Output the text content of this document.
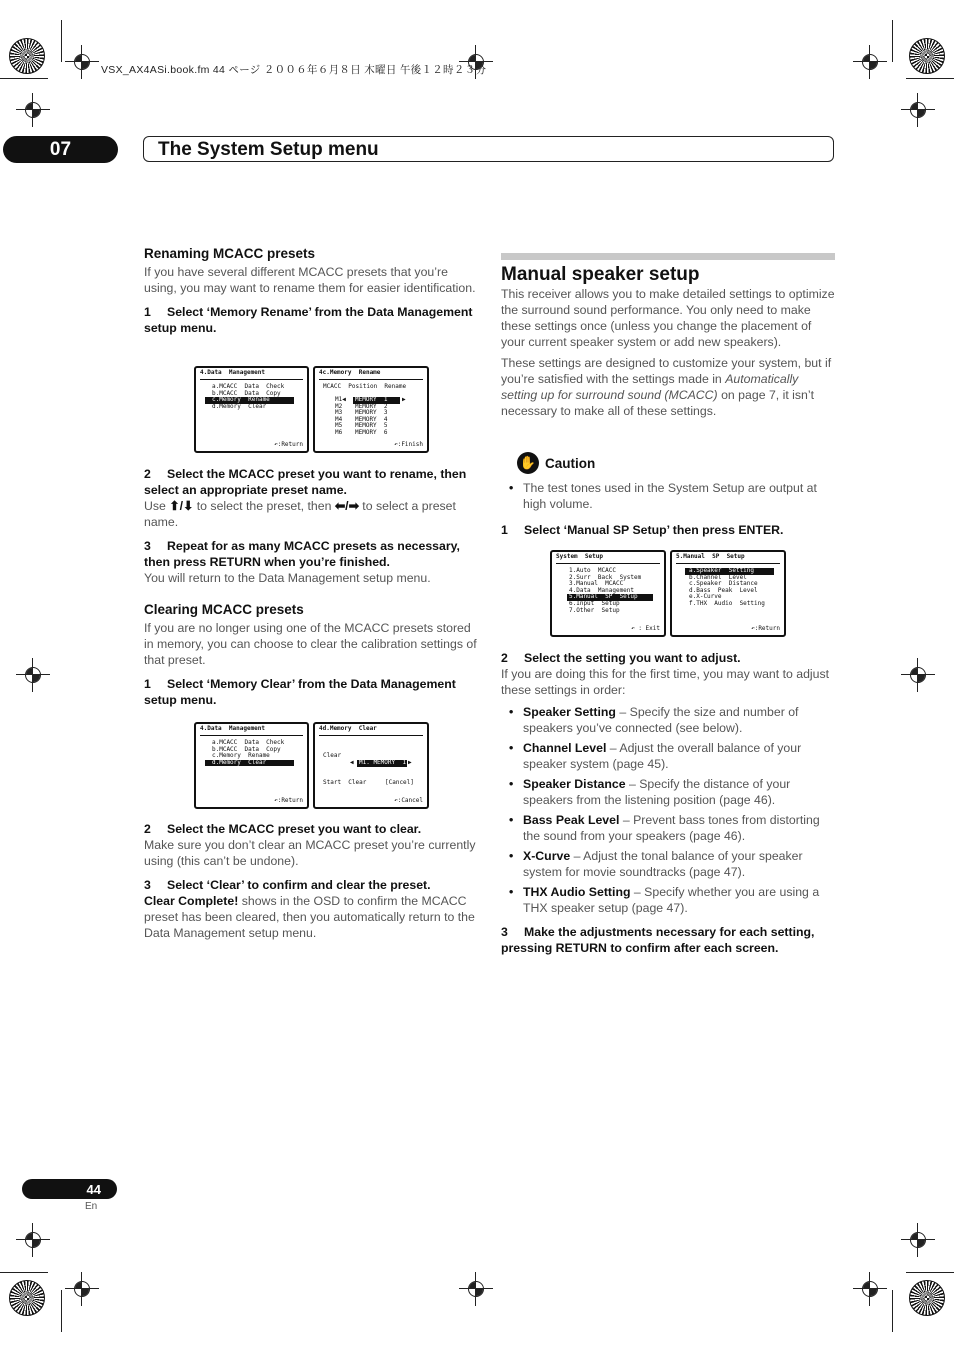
VSX_AX4ASi.book.fm 44 ページ ２００６年６月８日 木曜日 午後１２時２３分
07	The System Setup menu

Renaming MCACC presets

If you have several different MCACC presets that you’re using, you may want to rename them for easier identification.

1 Select ‘Memory Rename’ from the Data Management setup menu.

4.Data  Management
a.MCACC  Data  Check
b.MCACC  Data  Copy
c.Memory  Rename
d.Memory  Clear
↶:Return
4c.Memory  Rename
MCACC  Position  Rename
M1◀	MEMORY  1	▶
M2 MEMORY  2
M3 MEMORY  3
M4 MEMORY  4
M5 MEMORY  5
M6 MEMORY  6
↶:Finish

2 Select the MCACC preset you want to rename, then select an appropriate preset name.

Use ⬆/⬇ to select the preset, then ⬅/➡ to select a preset name.

3 Repeat for as many MCACC presets as necessary, then press RETURN when you’re finished.

You will return to the Data Management setup menu.

Clearing MCACC presets

If you are no longer using one of the MCACC presets stored in memory, you can choose to clear the calibration settings of that preset.

1 Select ‘Memory Clear’ from the Data Management setup menu.

4.Data  Management
a.MCACC  Data  Check
b.MCACC  Data  Copy
c.Memory  Rename
d.Memory  Clear
↶:Return
4d.Memory  Clear
Clear
◀ M1. MEMORY  1 ▶
Start  Clear	[Cancel]
↶:Cancel

2 Select the MCACC preset you want to clear.

Make sure you don’t clear an MCACC preset you’re currently using (this can’t be undone).

3 Select ‘Clear’ to confirm and clear the preset.

Clear Complete! shows in the OSD to confirm the MCACC preset has been cleared, then you automatically return to the Data Management setup menu.

Manual speaker setup

This receiver allows you to make detailed settings to optimize the surround sound performance. You only need to make these settings once (unless you change the placement of your current speaker system or add new speakers).

These settings are designed to customize your system, but if you’re satisfied with the settings made in Automatically setting up for surround sound (MCACC) on page 7, it isn’t necessary to make all of these settings.

✋ Caution
• The test tones used in the System Setup are output at high volume.

1 Select ‘Manual SP Setup’ then press ENTER.

System  Setup
1.Auto  MCACC
2.Surr  Back  System
3.Manual  MCACC
4.Data  Management
5.Manual  SP  Setup
6.Input  Setup
7.Other  Setup
↶ : Exit
5.Manual  SP  Setup
a.Speaker  Setting
b.Channel  Level
c.Speaker  Distance
d.Bass  Peak  Level
e.X-Curve
f.THX  Audio  Setting
↶:Return

2 Select the setting you want to adjust.

If you are doing this for the first time, you may want to adjust these settings in order:

• Speaker Setting – Specify the size and number of speakers you’ve connected (see below).
• Channel Level – Adjust the overall balance of your speaker system (page 45).
• Speaker Distance – Specify the distance of your speakers from the listening position (page 46).
• Bass Peak Level – Prevent bass tones from distorting the sound from your speakers (page 46).
• X-Curve – Adjust the tonal balance of your speaker system for movie soundtracks (page 47).
• THX Audio Setting – Specify whether you are using a THX speaker setup (page 47).

3 Make the adjustments necessary for each setting, pressing RETURN to confirm after each screen.

44
En
